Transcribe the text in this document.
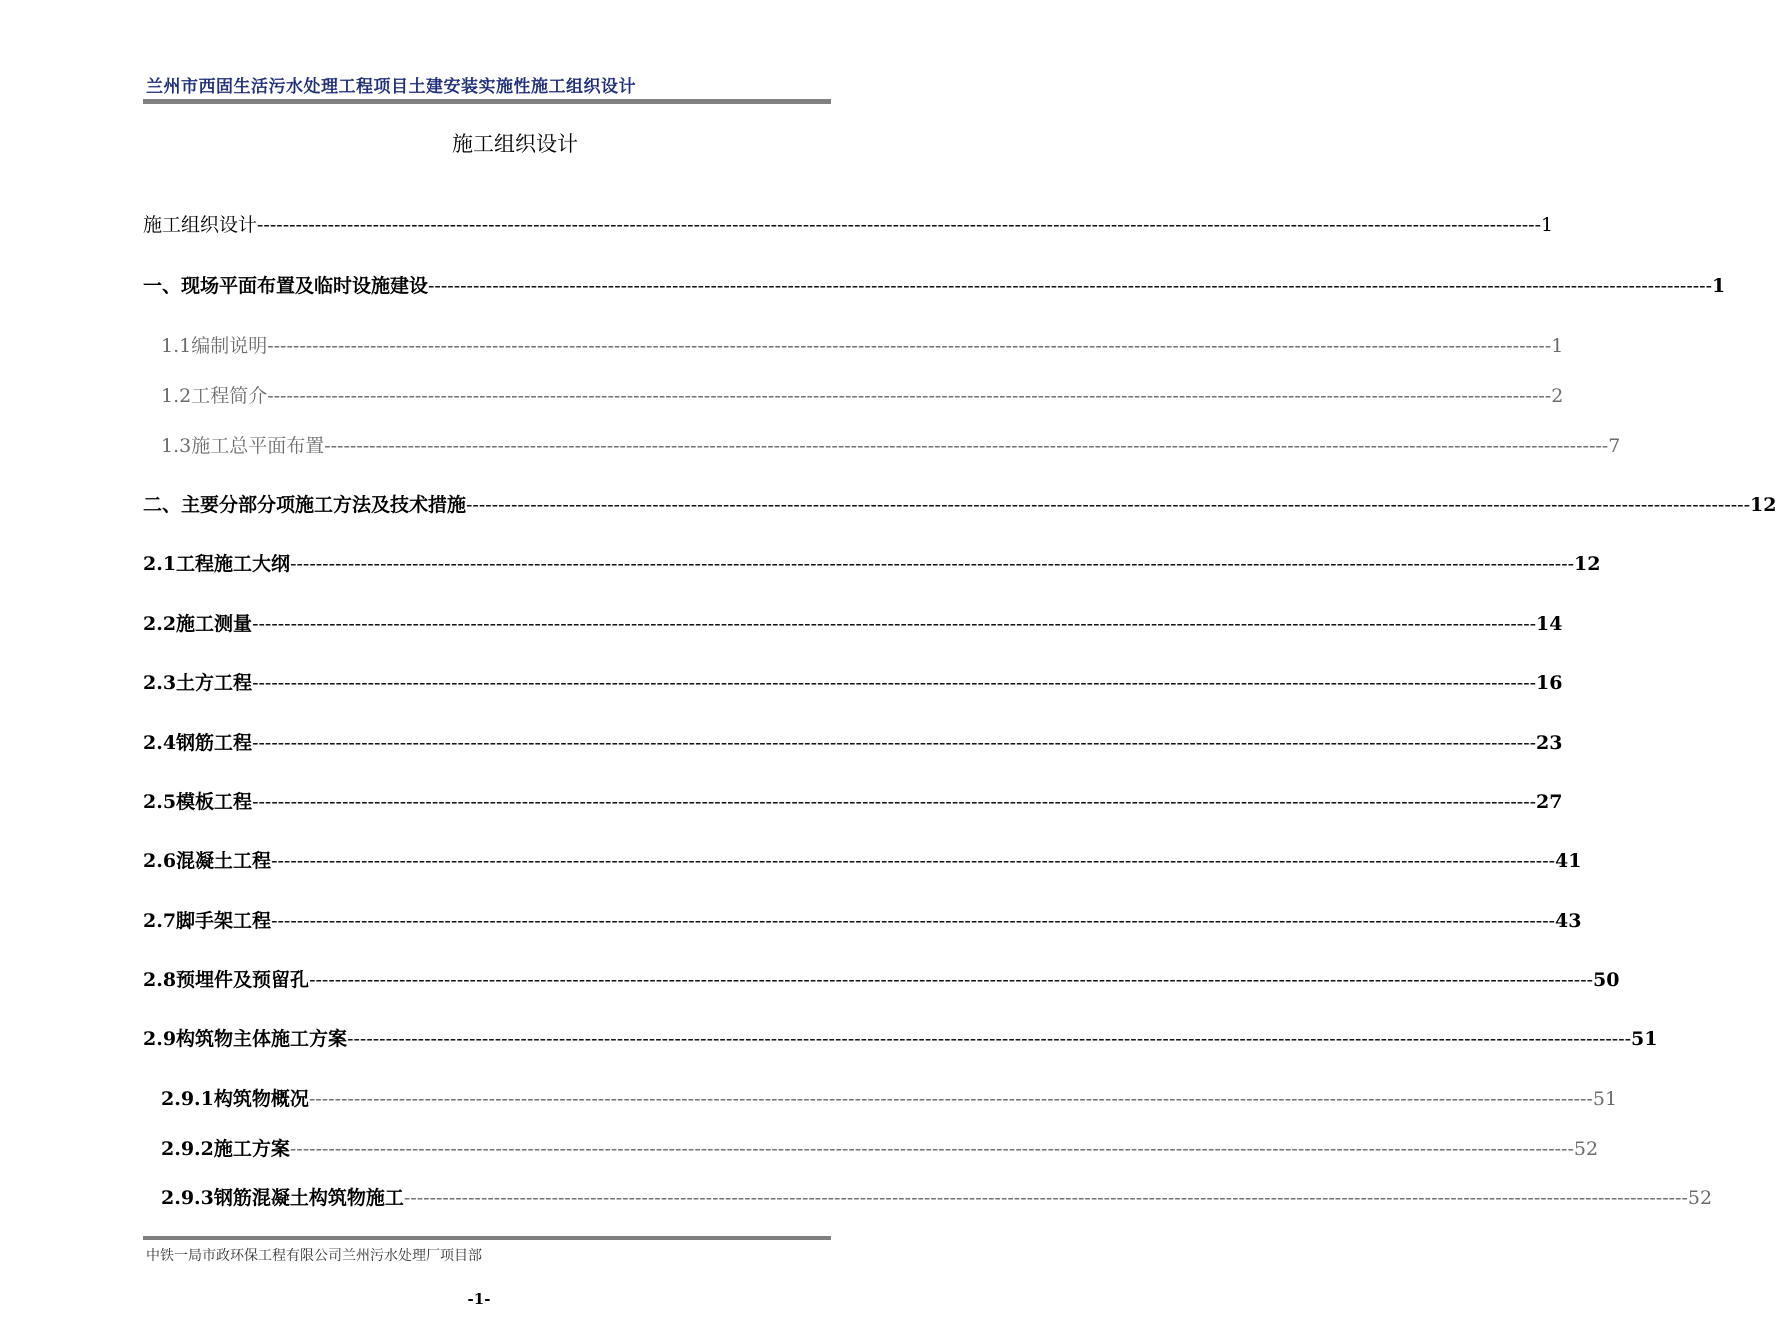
兰州市西固生活污水处理工程项目土建安装实施性施工组织设计
施工组织设计
施工组织设计 -------------------------------------------------------------------------------------------------------------------------------------------------------------------------------------------------------- 1
一、现场平面布置及临时设施建设 -------------------------------------------------------------------------------------------------------------------------------------------------------------------------------------------------------- 1
1.1编制说明 -------------------------------------------------------------------------------------------------------------------------------------------------------------------------------------------------------- 1
1.2工程简介 -------------------------------------------------------------------------------------------------------------------------------------------------------------------------------------------------------- 2
1.3施工总平面布置 -------------------------------------------------------------------------------------------------------------------------------------------------------------------------------------------------------- 7
二、主要分部分项施工方法及技术措施 -------------------------------------------------------------------------------------------------------------------------------------------------------------------------------------------------------- 12
2.1工程施工大纲 -------------------------------------------------------------------------------------------------------------------------------------------------------------------------------------------------------- 12
2.2施工测量 -------------------------------------------------------------------------------------------------------------------------------------------------------------------------------------------------------- 14
2.3土方工程 -------------------------------------------------------------------------------------------------------------------------------------------------------------------------------------------------------- 16
2.4钢筋工程 -------------------------------------------------------------------------------------------------------------------------------------------------------------------------------------------------------- 23
2.5模板工程 -------------------------------------------------------------------------------------------------------------------------------------------------------------------------------------------------------- 27
2.6混凝土工程 -------------------------------------------------------------------------------------------------------------------------------------------------------------------------------------------------------- 41
2.7脚手架工程 -------------------------------------------------------------------------------------------------------------------------------------------------------------------------------------------------------- 43
2.8预埋件及预留孔 -------------------------------------------------------------------------------------------------------------------------------------------------------------------------------------------------------- 50
2.9构筑物主体施工方案 -------------------------------------------------------------------------------------------------------------------------------------------------------------------------------------------------------- 51
2.9.1构筑物概况 -------------------------------------------------------------------------------------------------------------------------------------------------------------------------------------------------------- 51
2.9.2施工方案 -------------------------------------------------------------------------------------------------------------------------------------------------------------------------------------------------------- 52
2.9.3钢筋混凝土构筑物施工 -------------------------------------------------------------------------------------------------------------------------------------------------------------------------------------------------------- 52
中铁一局市政环保工程有限公司兰州污水处理厂项目部
-1-
